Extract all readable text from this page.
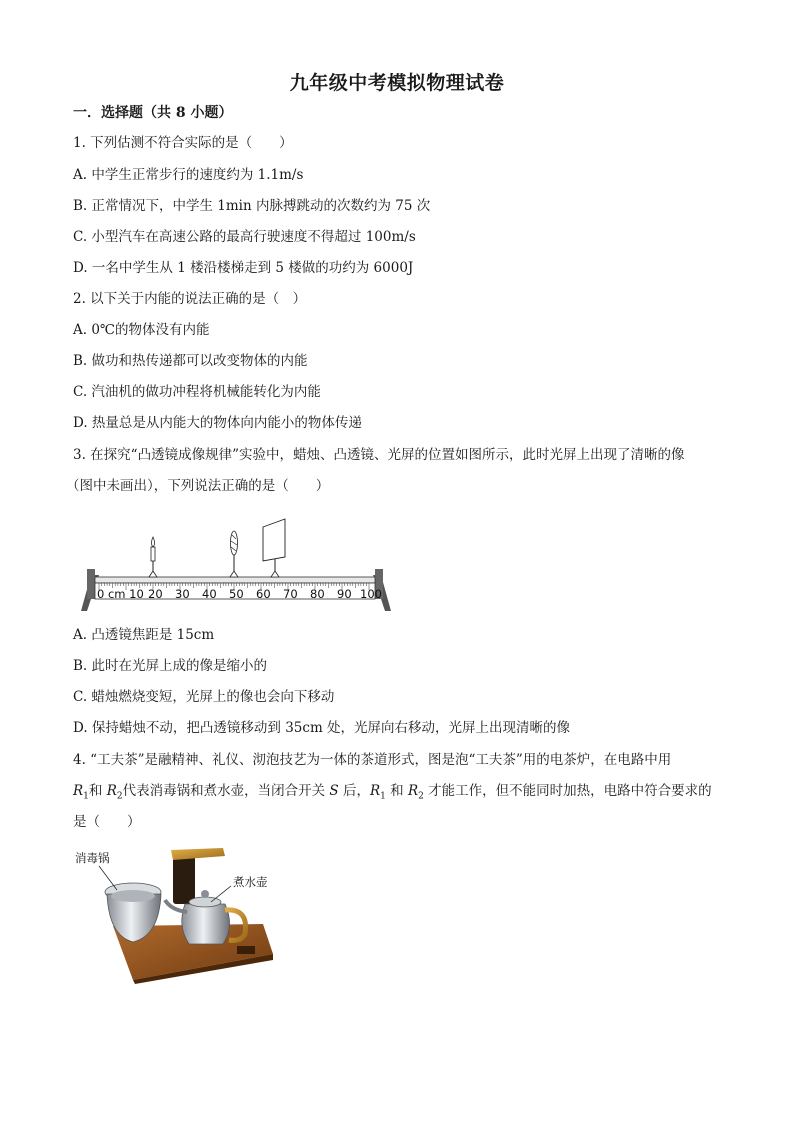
九年级中考模拟物理试卷
一．选择题（共 8 小题）
1. 下列估测不符合实际的是（　　）
A. 中学生正常步行的速度约为 1.1m/s
B. 正常情况下，中学生 1min 内脉搏跳动的次数约为 75 次
C. 小型汽车在高速公路的最高行驶速度不得超过 100m/s
D. 一名中学生从 1 楼沿楼梯走到 5 楼做的功约为 6000J
2. 以下关于内能的说法正确的是（　）
A. 0℃的物体没有内能
B. 做功和热传递都可以改变物体的内能
C. 汽油机的做功冲程将机械能转化为内能
D. 热量总是从内能大的物体向内能小的物体传递
3. 在探究“凸透镜成像规律”实验中，蜡烛、凸透镜、光屏的位置如图所示，此时光屏上出现了清晰的像
（图中未画出），下列说法正确的是（　　）
0 cm 10 20 30 40 50 60 70 80 90 100
A. 凸透镜焦距是 15cm
B. 此时在光屏上成的像是缩小的
C. 蜡烛燃烧变短，光屏上的像也会向下移动
D. 保持蜡烛不动，把凸透镜移动到 35cm 处，光屏向右移动，光屏上出现清晰的像
4. “工夫茶”是融精神、礼仪、沏泡技艺为一体的茶道形式，图是泡“工夫茶”用的电茶炉，在电路中用
$R_1$和 $R_2$代表消毒锅和煮水壶，当闭合开关 S 后，$R_1$ 和 $R_2$ 才能工作，但不能同时加热，电路中符合要求的
是（　　）
消毒锅
煮水壶
